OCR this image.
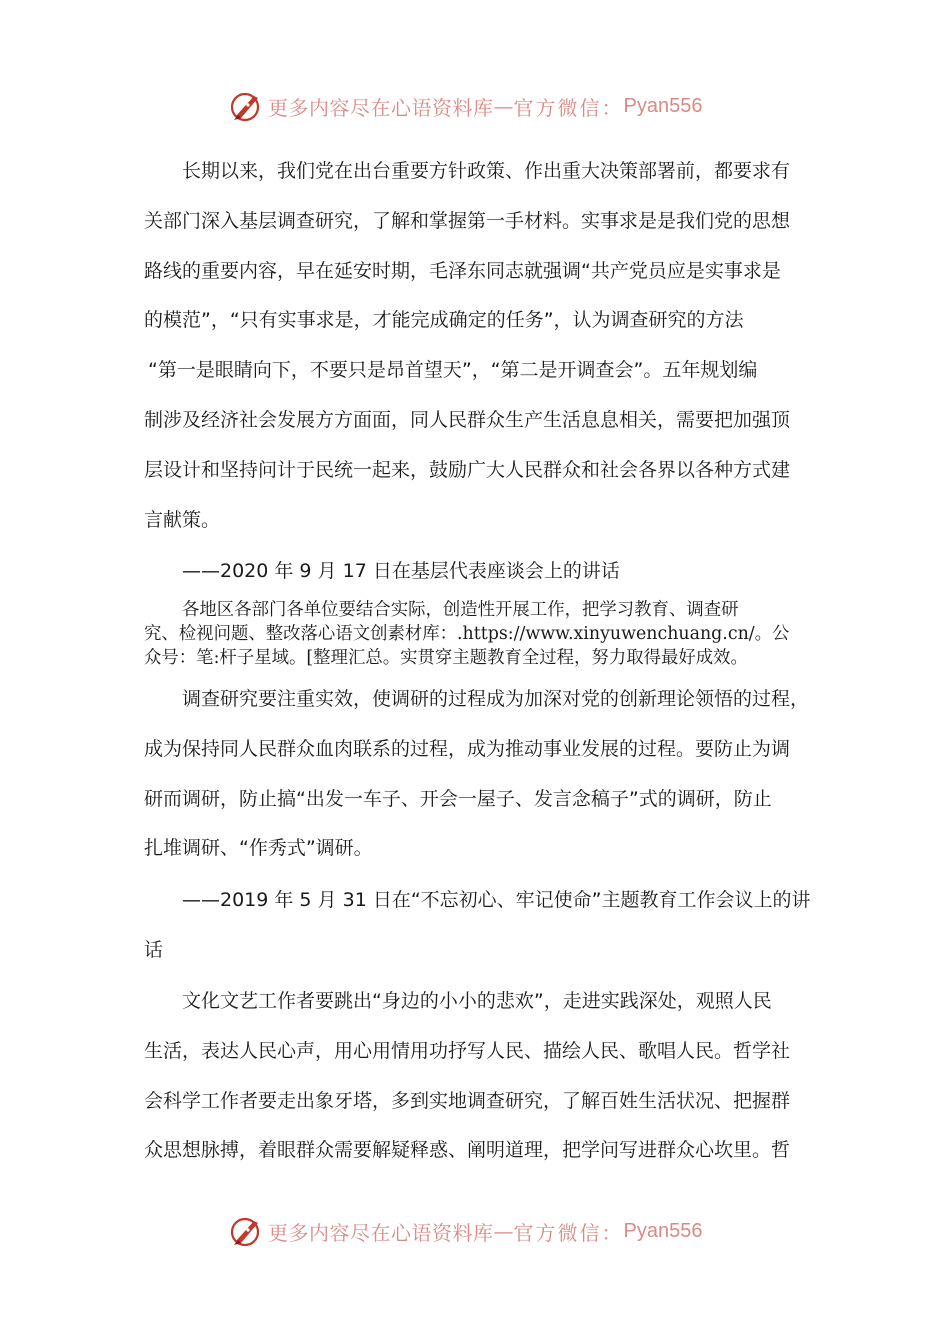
更多内容尽在心语资料库 — 官方微信： Pyan556
长期以来，我们党在出台重要方针政策、作出重大决策部署前，都要求有
关部门深入基层调查研究，了解和掌握第一手材料。实事求是是我们党的思想
路线的重要内容，早在延安时期，毛泽东同志就强调“共产党员应是实事求是
的模范”，“只有实事求是，才能完成确定的任务”，认为调查研究的方法
“第一是眼睛向下，不要只是昂首望天”，“第二是开调查会”。五年规划编
制涉及经济社会发展方方面面，同人民群众生产生活息息相关，需要把加强顶
层设计和坚持问计于民统一起来，鼓励广大人民群众和社会各界以各种方式建
言献策。
——2020 年 9 月 17 日在基层代表座谈会上的讲话
各地区各部门各单位要结合实际，创造性开展工作，把学习教育、调查研
究、检视问题、整改落心语文创素材库：.https://www.xinyuwenchuang.cn/。公
众号：笔:杆子星域。[整理汇总。实贯穿主题教育全过程，努力取得最好成效。
调查研究要注重实效，使调研的过程成为加深对党的创新理论领悟的过程，
成为保持同人民群众血肉联系的过程，成为推动事业发展的过程。要防止为调
研而调研，防止搞“出发一车子、开会一屋子、发言念稿子”式的调研，防止
扎堆调研、“作秀式”调研。
——2019 年 5 月 31 日在“不忘初心、牢记使命”主题教育工作会议上的讲
话
文化文艺工作者要跳出“身边的小小的悲欢”，走进实践深处，观照人民
生活，表达人民心声，用心用情用功抒写人民、描绘人民、歌唱人民。哲学社
会科学工作者要走出象牙塔，多到实地调查研究，了解百姓生活状况、把握群
众思想脉搏，着眼群众需要解疑释惑、阐明道理，把学问写进群众心坎里。哲
更多内容尽在心语资料库 — 官方微信： Pyan556
